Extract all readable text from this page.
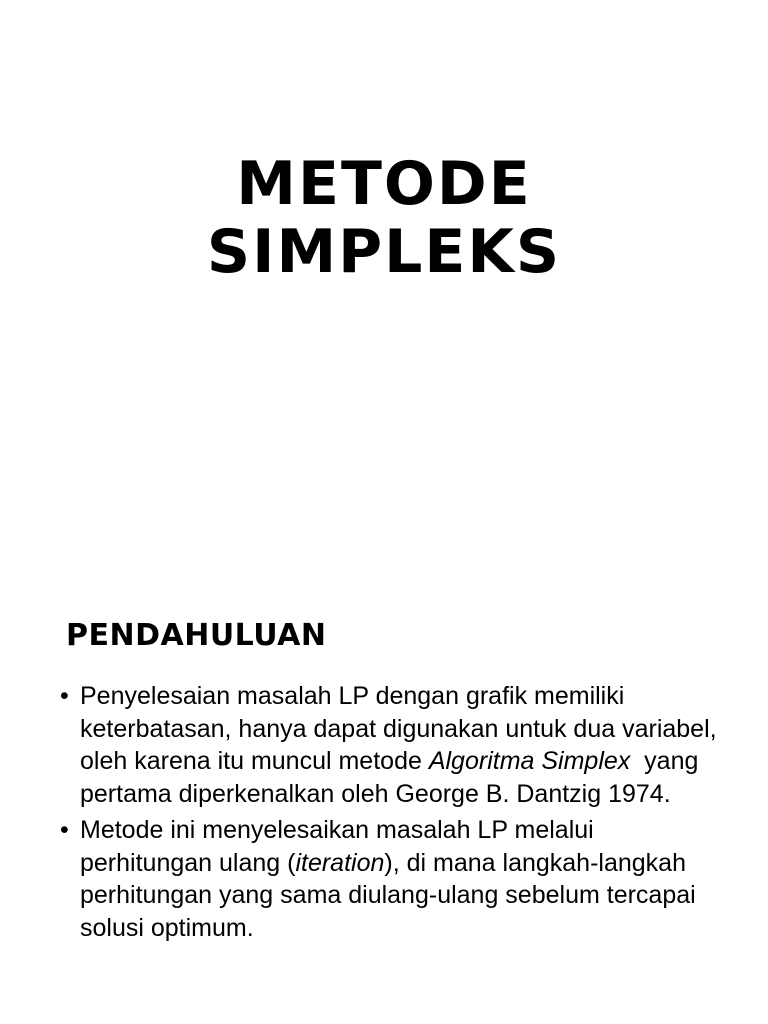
METODE
SIMPLEKS
PENDAHULUAN
• Penyelesaian masalah LP dengan grafik memiliki keterbatasan, hanya dapat digunakan untuk dua variabel, oleh karena itu muncul metode Algoritma Simplex  yang pertama diperkenalkan oleh George B. Dantzig 1974.
• Metode ini menyelesaikan masalah LP melalui perhitungan ulang (iteration), di mana langkah-langkah perhitungan yang sama diulang-ulang sebelum tercapai solusi optimum.
